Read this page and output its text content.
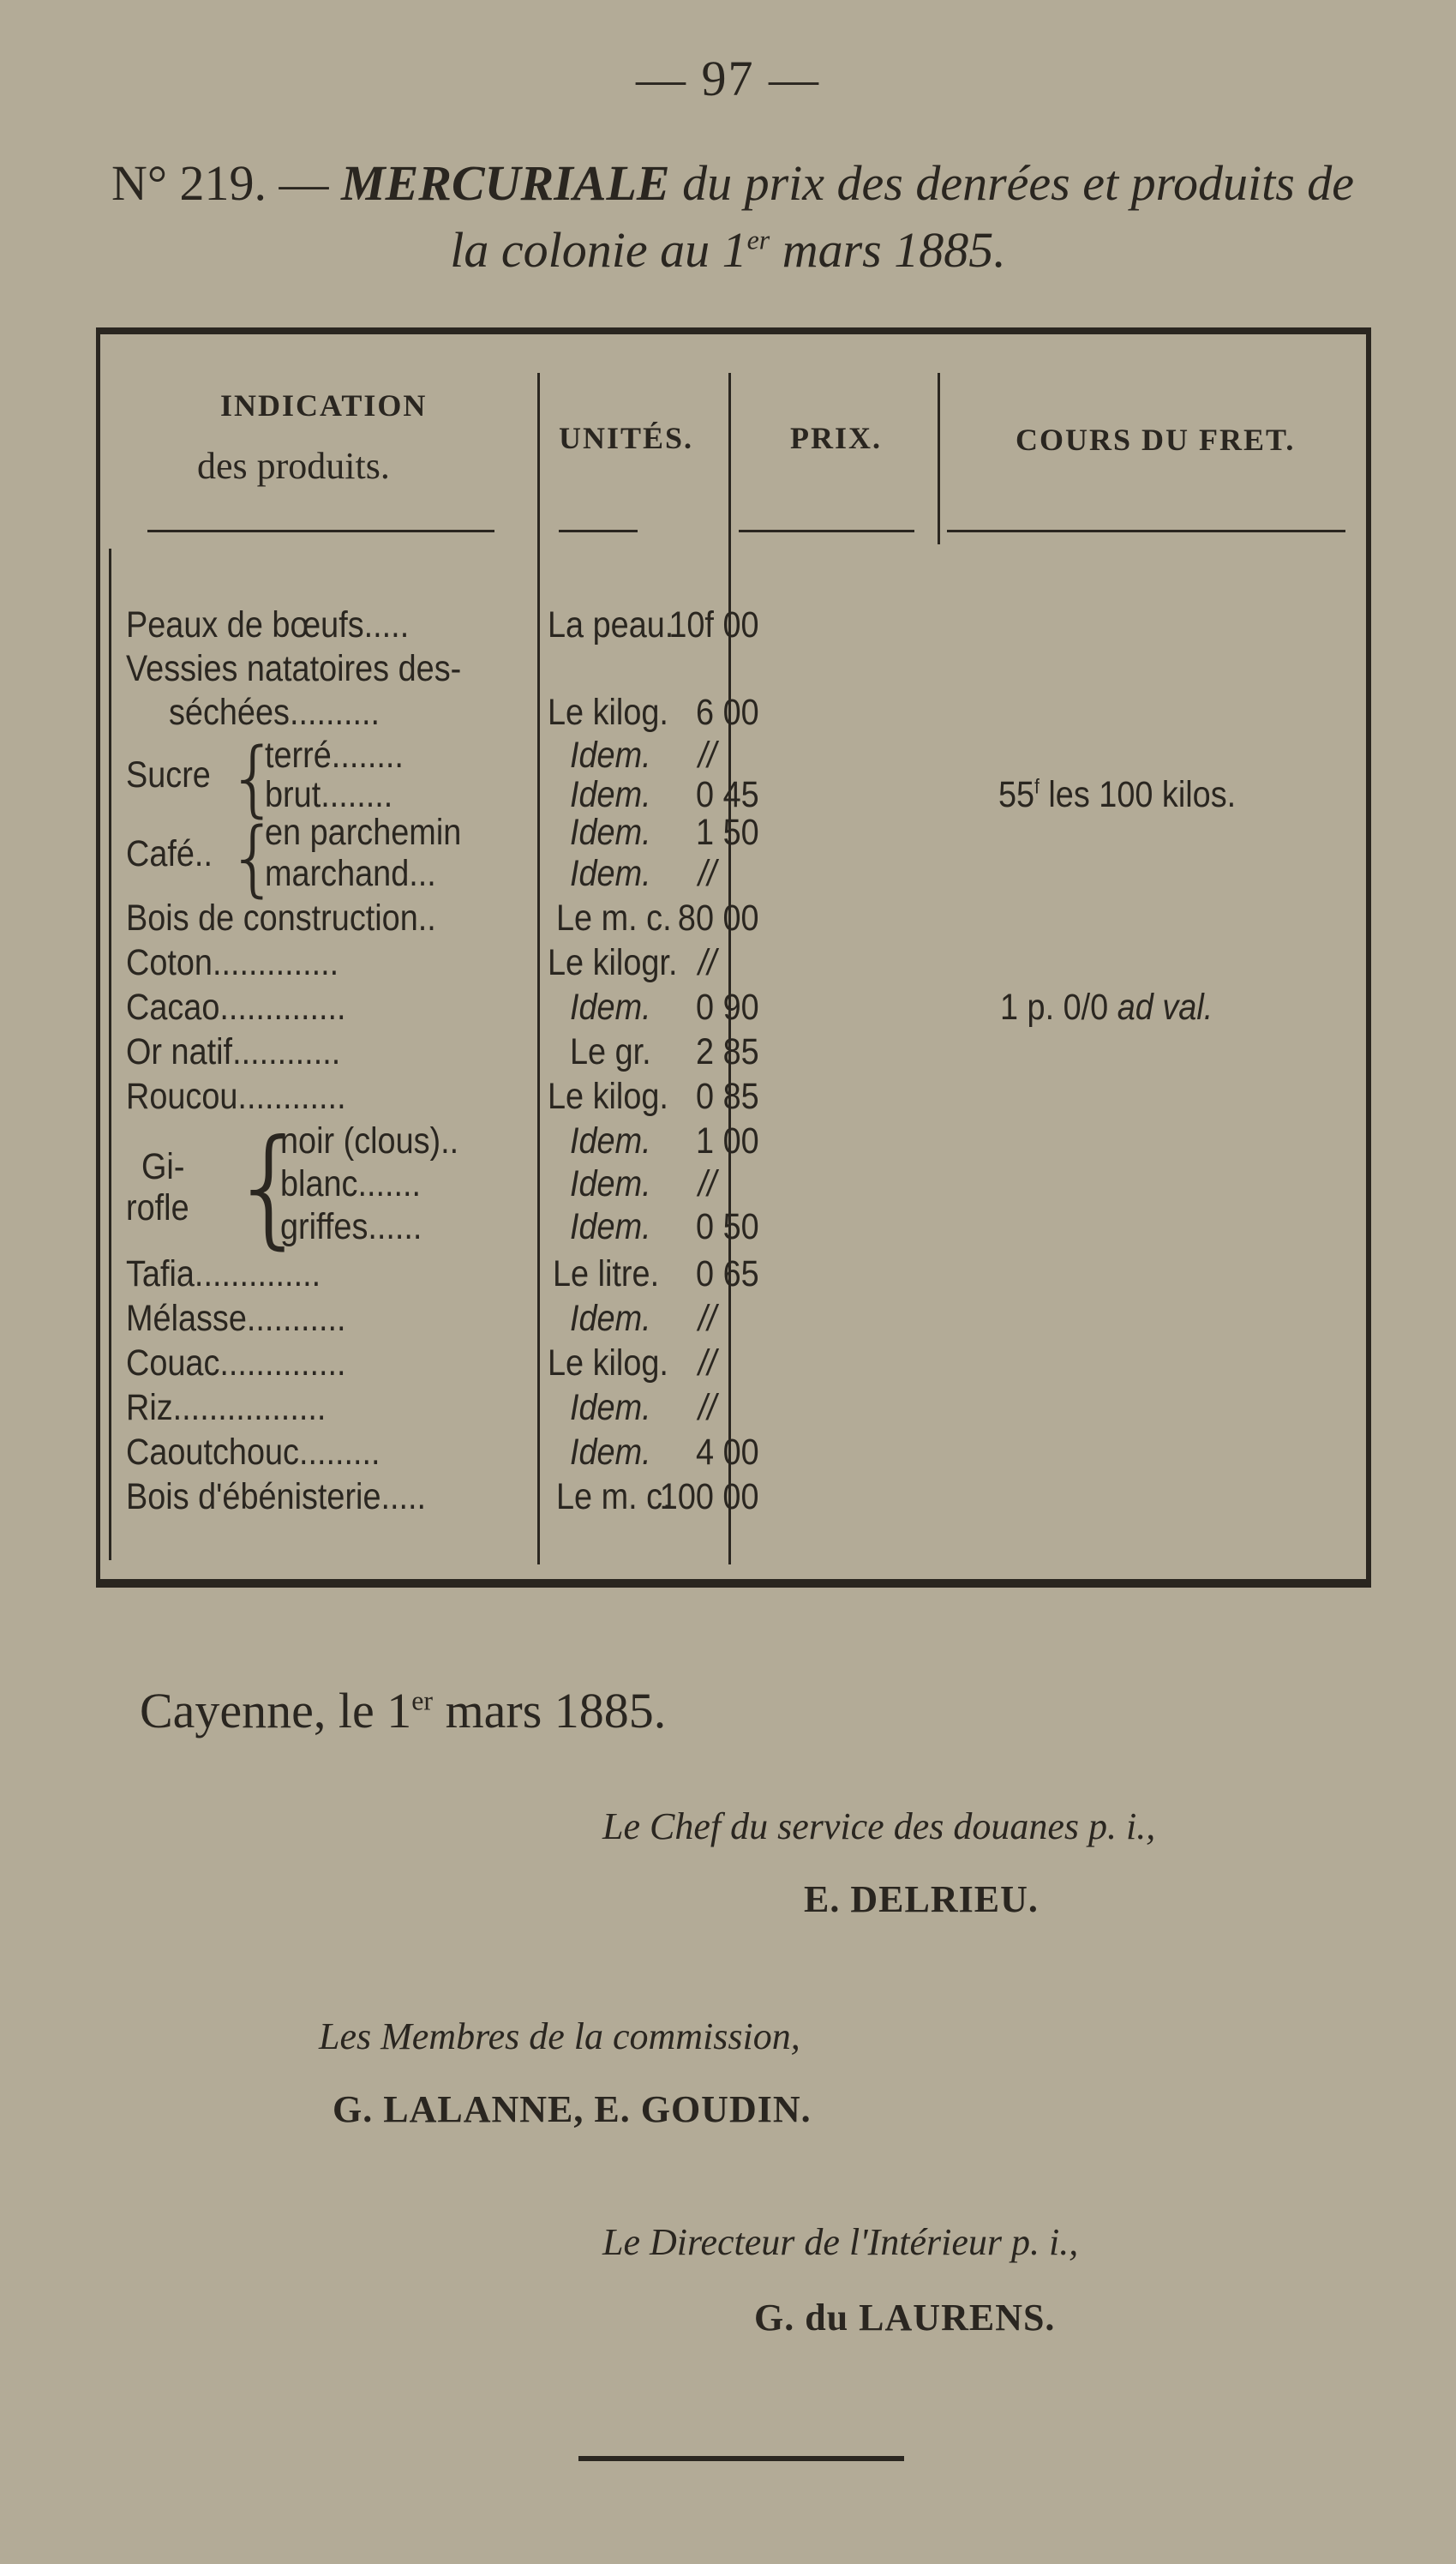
— 97 —
N° 219. — MERCURIALE du prix des denrées et produits de
la colonie au 1er mars 1885.
INDICATION
des produits.
UNITÉS.	PRIX.	COURS DU FRET.
Peaux de bœufs.....
Vessies natatoires des-
séchées..........
Sucre {
terré........
brut........
Café.. {
en parchemin
marchand...
Bois de construction..
Coton..............
Cacao..............
Or natif............
Roucou............
Gi-
rofle {
noir (clous)..
blanc.......
griffes......
Tafia..............
Mélasse...........
Couac..............
Riz.................
Caoutchouc.........
Bois d'ébénisterie.....
La peau.
Le kilog.
Idem.
Idem.
Idem.
Idem.
Le m. c.
Le kilogr.
Idem.
Le gr.
Le kilog.
Idem.
Idem.
Idem.
Le litre.
Idem.
Le kilog.
Idem.
Idem.
Le m. c.
10f 00
6 00
//
0 45
1 50
//
80 00
//
0 90
2 85
0 85
1 00
//
0 50
0 65
//
//
//
4 00
100 00
55$^f$ les 100 kilos.
1 p. 0/0 ad val.
Cayenne, le 1er mars 1885.
Le Chef du service des douanes p. i.,
E. DELRIEU.
Les Membres de la commission,
G. LALANNE, E. GOUDIN.
Le Directeur de l'Intérieur p. i.,
G. du LAURENS.
